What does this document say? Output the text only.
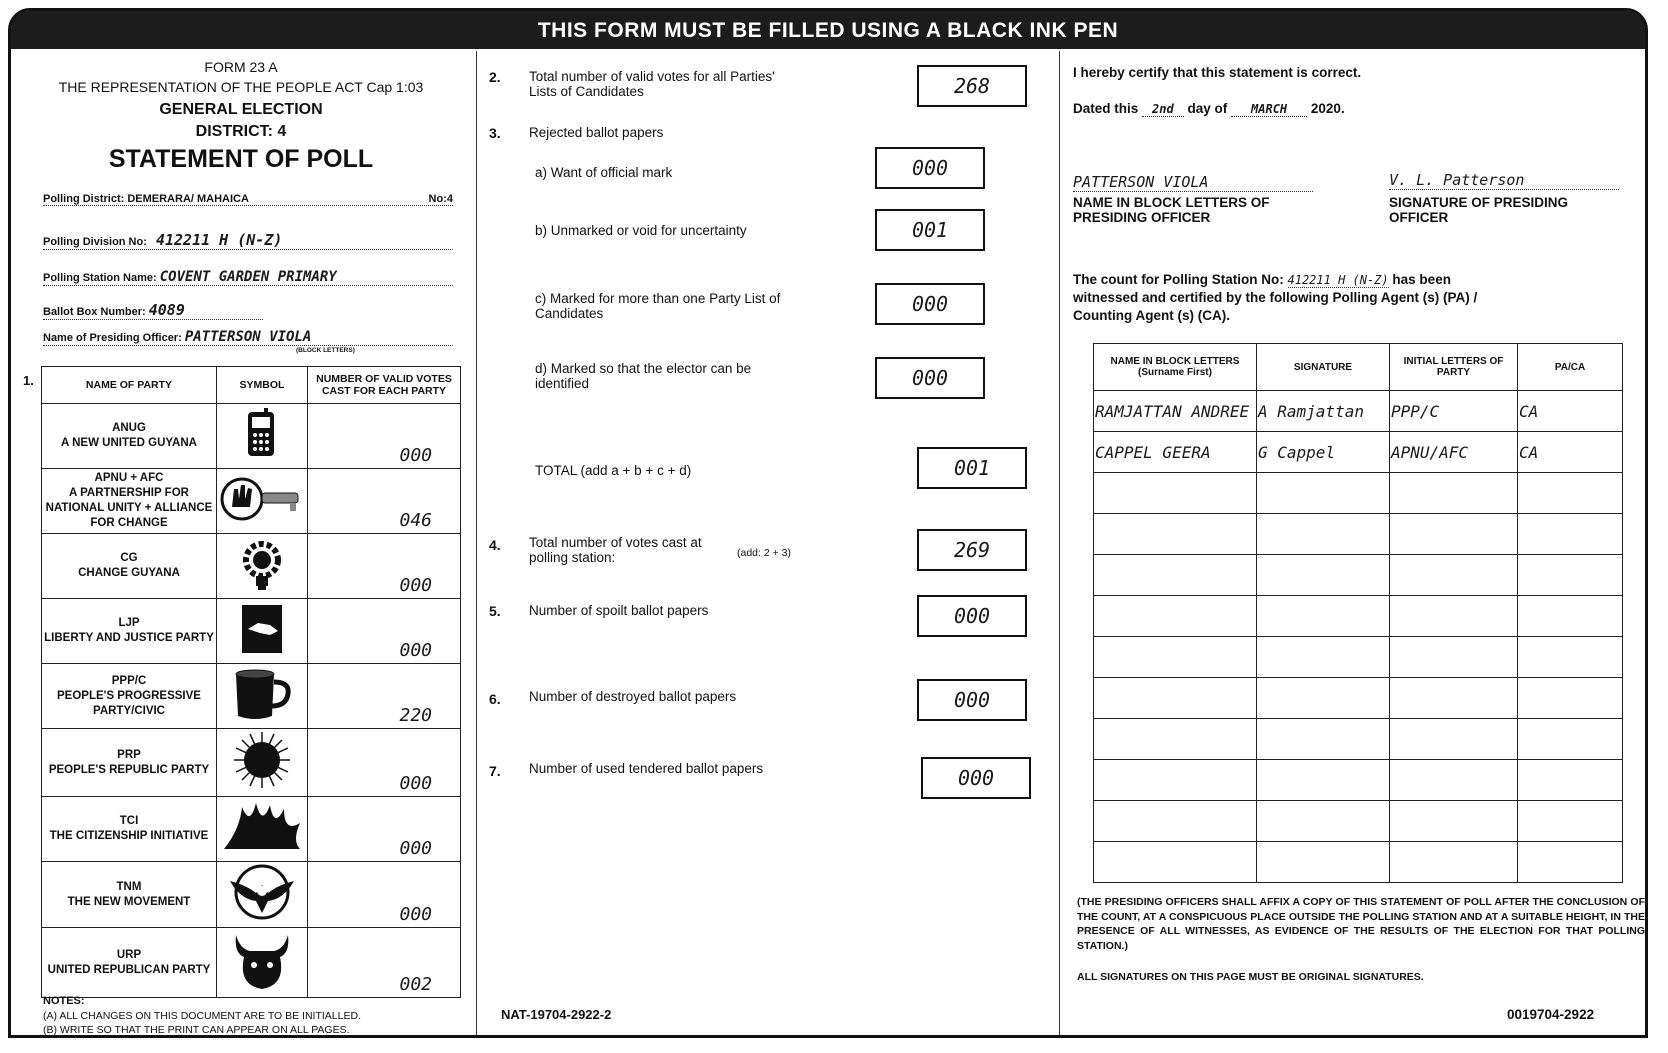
THIS FORM MUST BE FILLED USING A BLACK INK PEN
FORM 23 A
THE REPRESENTATION OF THE PEOPLE ACT Cap 1:03
GENERAL ELECTION
DISTRICT: 4
STATEMENT OF POLL
Polling District: DEMERARA/ MAHAICA	No:4
Polling Division No: 412211 H (N-Z)
Polling Station Name: COVENT GARDEN PRIMARY
Ballot Box Number: 4089
Name of Presiding Officer: PATTERSON VIOLA
(BLOCK LETTERS)
1.	NAME OF PARTY	SYMBOL	NUMBER OF VALID VOTES CAST FOR EACH PARTY

ANUG
A NEW UNITED GUYANA		000

APNU + AFC
A PARTNERSHIP FOR NATIONAL UNITY + ALLIANCE FOR CHANGE		046

CG
CHANGE GUYANA		000

LJP
LIBERTY AND JUSTICE PARTY		000

PPP/C
PEOPLE'S PROGRESSIVE PARTY/CIVIC		220

PRP
PEOPLE'S REPUBLIC PARTY		000

TCI
THE CITIZENSHIP INITIATIVE		000

TNM
THE NEW MOVEMENT		000

URP
UNITED REPUBLICAN PARTY		002
NOTES:
(A) ALL CHANGES ON THIS DOCUMENT ARE TO BE INITIALLED.
(B) WRITE SO THAT THE PRINT CAN APPEAR ON ALL PAGES.
2. Total number of valid votes for all Parties' Lists of Candidates	268
3. Rejected ballot papers
a) Want of official mark	000
b) Unmarked or void for uncertainty	001
c) Marked for more than one Party List of Candidates	000
d) Marked so that the elector can be identified	000
TOTAL (add a + b + c + d)	001
4. Total number of votes cast at polling station:	(add: 2 + 3)	269
5. Number of spoilt ballot papers	000
6. Number of destroyed ballot papers	000
7. Number of used tendered ballot papers	000
NAT-19704-2922-2
I hereby certify that this statement is correct.
Dated this 2nd day of MARCH 2020.
PATTERSON VIOLA	V. L. Patterson
NAME IN BLOCK LETTERS OF PRESIDING OFFICER
SIGNATURE OF PRESIDING OFFICER
The count for Polling Station No: 412211 H (N-Z) has been witnessed and certified by the following Polling Agent (s) (PA) / Counting Agent (s) (CA).
NAME IN BLOCK LETTERS (Surname First)	SIGNATURE	INITIAL LETTERS OF PARTY	PA/CA
RAMJATTAN ANDREE	A Ramjattan	PPP/C	CA
CAPPEL GEERA	G Cappel	APNU/AFC	CA

(THE PRESIDING OFFICERS SHALL AFFIX A COPY OF THIS STATEMENT OF POLL AFTER THE CONCLUSION OF THE COUNT, AT A CONSPICUOUS PLACE OUTSIDE THE POLLING STATION AND AT A SUITABLE HEIGHT, IN THE PRESENCE OF ALL WITNESSES, AS EVIDENCE OF THE RESULTS OF THE ELECTION FOR THAT POLLING STATION.)
ALL SIGNATURES ON THIS PAGE MUST BE ORIGINAL SIGNATURES.
0019704-2922
